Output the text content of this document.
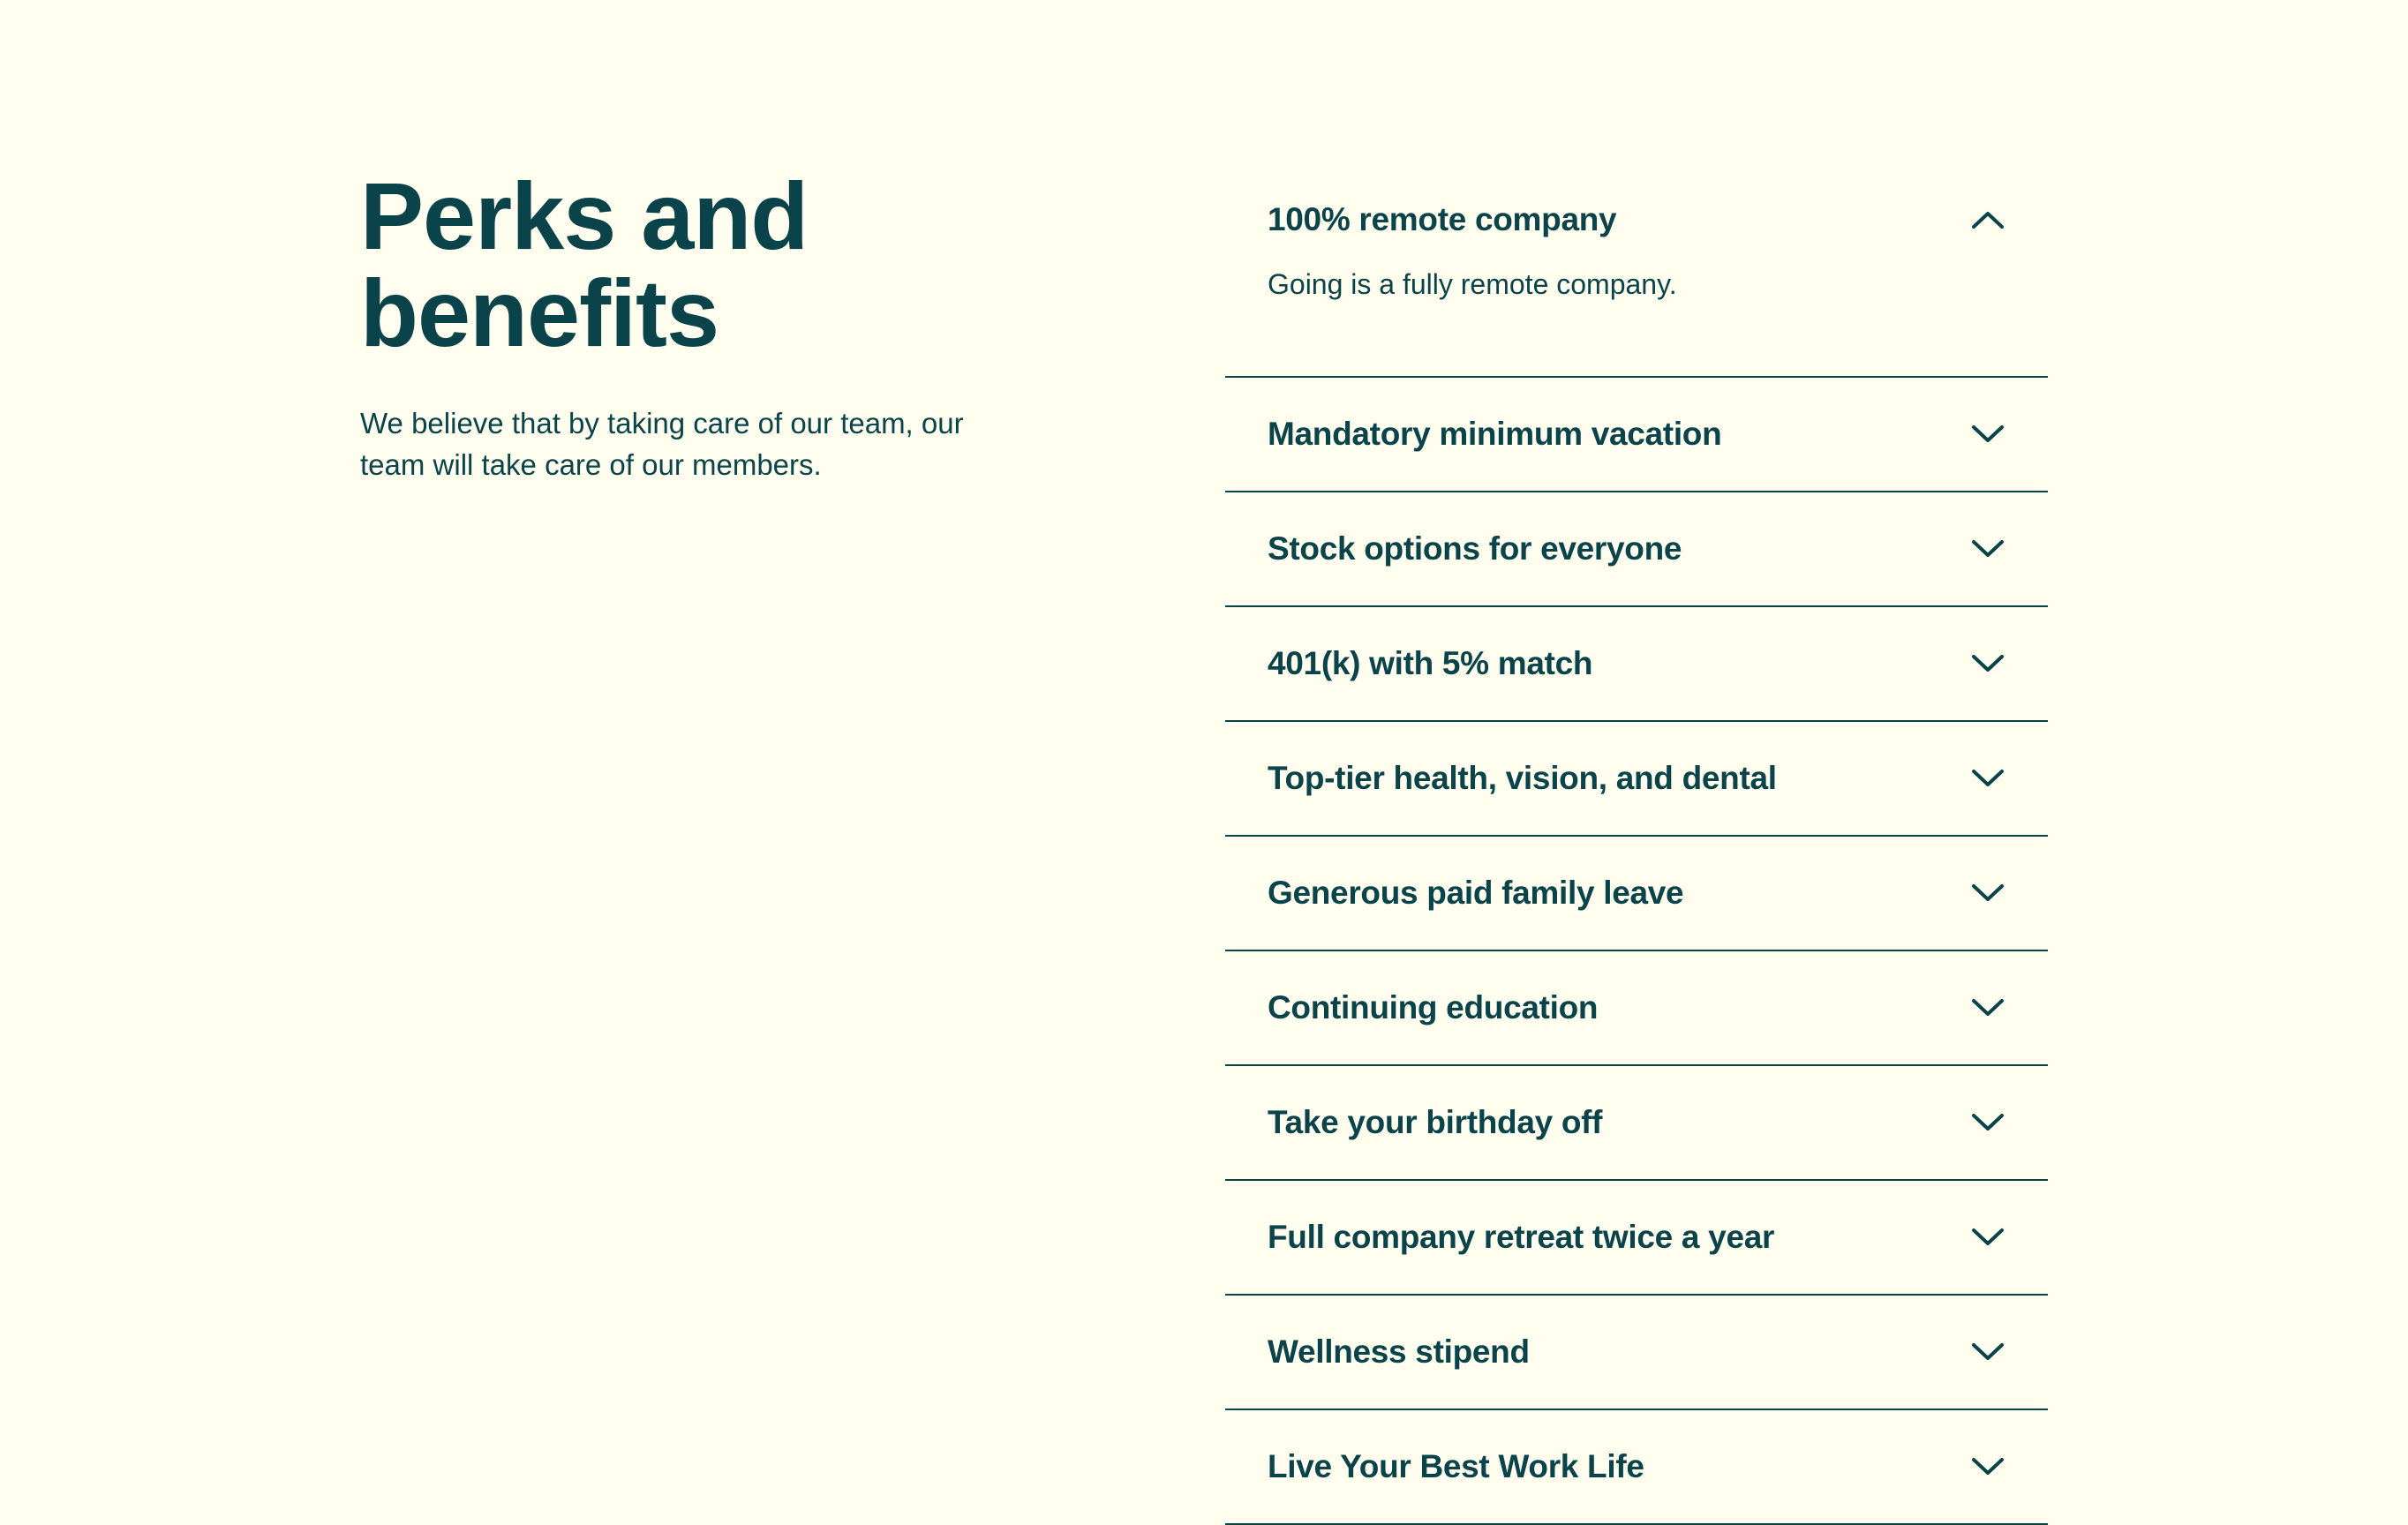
Perks and
benefits

We believe that by taking care of our team, our team will take care of our members.

100% remote company
Going is a fully remote company.
Mandatory minimum vacation
Stock options for everyone
401(k) with 5% match
Top-tier health, vision, and dental
Generous paid family leave
Continuing education
Take your birthday off
Full company retreat twice a year
Wellness stipend
Live Your Best Work Life
